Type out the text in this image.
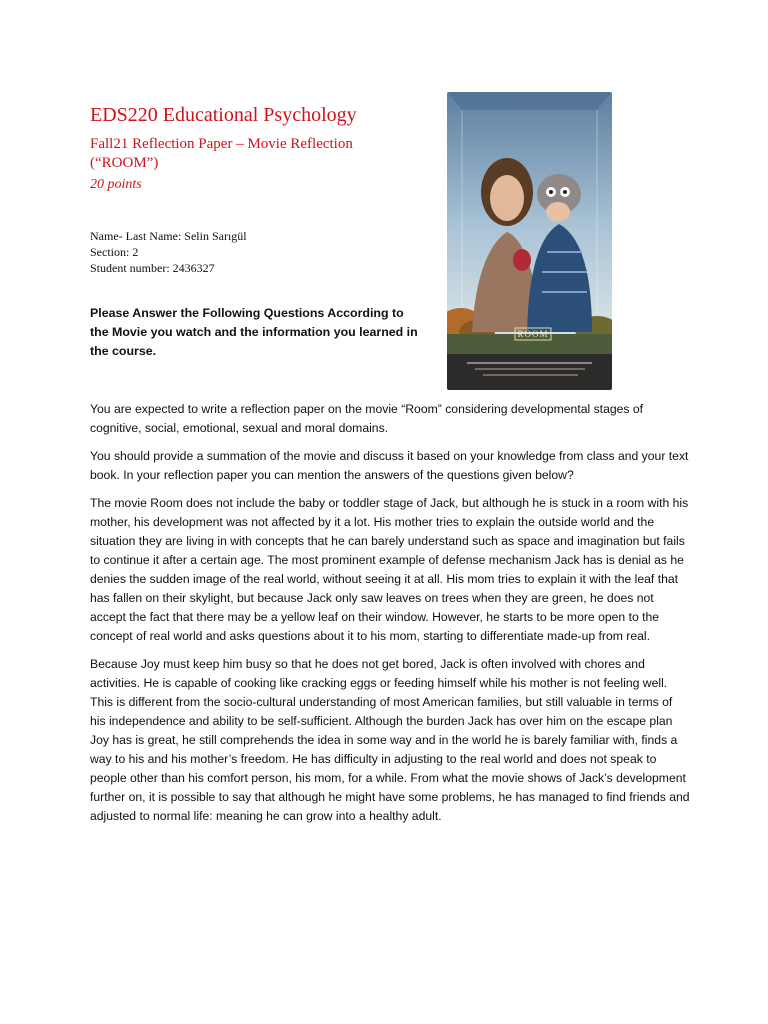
EDS220 Educational Psychology
Fall21 Reflection Paper – Movie Reflection (“ROOM”)
20 points
Name- Last Name: Selin Sarıgül
Section: 2
Student number: 2436327
Please Answer the Following Questions According to the Movie you watch and the information you learned in the course.
ROOM

You are expected to write a reflection paper on the movie “Room” considering developmental stages of cognitive, social, emotional, sexual and moral domains.

You should provide a summation of the movie and discuss it based on your knowledge from class and your text book. In your reflection paper you can mention the answers of the questions given below?

The movie Room does not include the baby or toddler stage of Jack, but although he is stuck in a room with his mother, his development was not affected by it a lot. His mother tries to explain the outside world and the situation they are living in with concepts that he can barely understand such as space and imagination but fails to continue it after a certain age. The most prominent example of defense mechanism Jack has is denial as he denies the sudden image of the real world, without seeing it at all. His mom tries to explain it with the leaf that has fallen on their skylight, but because Jack only saw leaves on trees when they are green, he does not accept the fact that there may be a yellow leaf on their window. However, he starts to be more open to the concept of real world and asks questions about it to his mom, starting to differentiate made-up from real.

Because Joy must keep him busy so that he does not get bored, Jack is often involved with chores and activities. He is capable of cooking like cracking eggs or feeding himself while his mother is not feeling well. This is different from the socio-cultural understanding of most American families, but still valuable in terms of his independence and ability to be self-sufficient. Although the burden Jack has over him on the escape plan Joy has is great, he still comprehends the idea in some way and in the world he is barely familiar with, finds a way to his and his mother’s freedom. He has difficulty in adjusting to the real world and does not speak to people other than his comfort person, his mom, for a while. From what the movie shows of Jack’s development further on, it is possible to say that although he might have some problems, he has managed to find friends and adjusted to normal life: meaning he can grow into a healthy adult.
